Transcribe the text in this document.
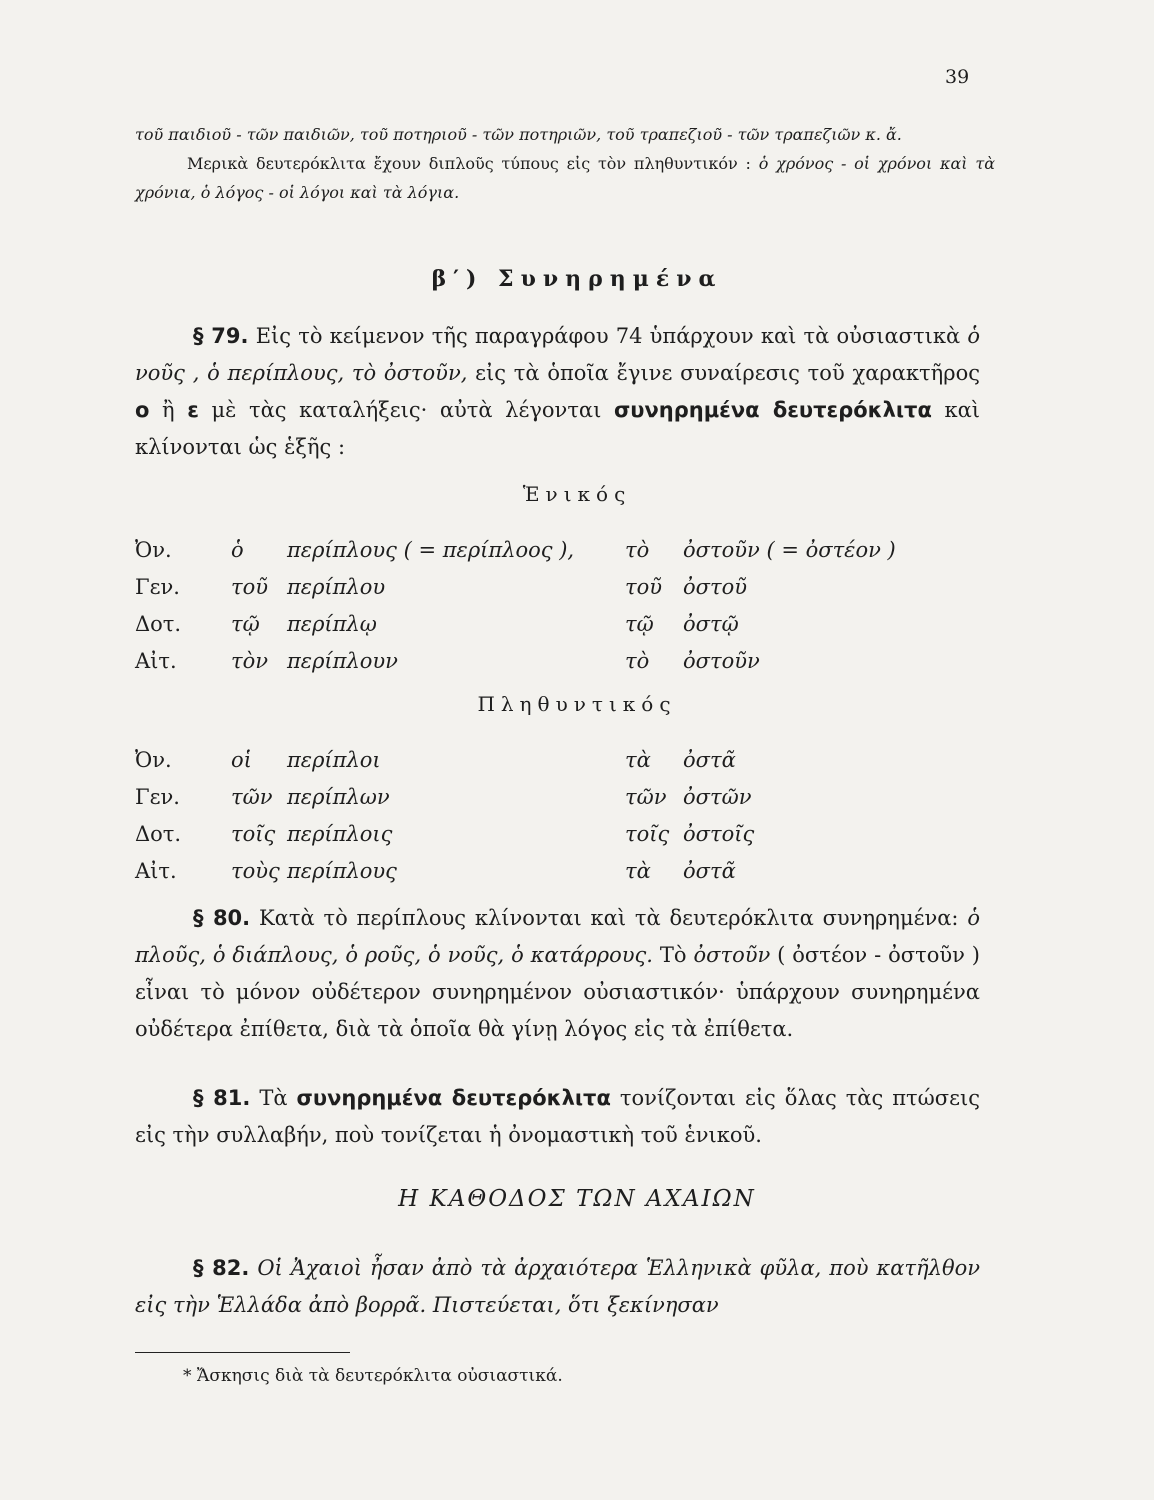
39

τοῦ παιδιοῦ - τῶν παιδιῶν, τοῦ ποτηριοῦ - τῶν ποτηριῶν, τοῦ τραπεζιοῦ - τῶν τραπεζιῶν κ. ἄ.

Μερικὰ δευτερόκλιτα ἔχουν διπλοῦς τύπους εἰς τὸν πληθυντικόν : ὁ χρόνος - οἱ χρόνοι καὶ τὰ χρόνια, ὁ λόγος - οἱ λόγοι καὶ τὰ λόγια.

β′) Συνηρημένα

§ 79. Εἰς τὸ κείμενον τῆς παραγράφου 74 ὑπάρχουν καὶ τὰ οὐσιαστικὰ ὁ νοῦς , ὁ περίπλους, τὸ ὀστοῦν, εἰς τὰ ὁποῖα ἔγινε συναίρεσις τοῦ χαρακτῆρος ο ἢ ε μὲ τὰς καταλήξεις· αὐτὰ λέγονται συνηρημένα δευτερόκλιτα καὶ κλίνονται ὡς ἑξῆς :

Ἑνικός
Ὀν.	ὁ περίπλους ( = περίπλοος ), τὸ ὀστοῦν ( = ὀστέον )
Γεν. τοῦ περίπλου	τοῦ ὀστοῦ
Δοτ. τῷ περίπλῳ	τῷ ὀστῷ
Αἰτ.	τὸν περίπλουν	τὸ ὀστοῦν
Πληθυντικός
Ὀν.	οἱ περίπλοι	τὰ ὀστᾶ
Γεν. τῶν περίπλων	τῶν ὀστῶν
Δοτ. τοῖς περίπλοις	τοῖς ὀστοῖς
Αἰτ.	τοὺς περίπλους	τὰ ὀστᾶ

§ 80. Κατὰ τὸ περίπλους κλίνονται καὶ τὰ δευτερόκλιτα συνηρημένα: ὁ πλοῦς, ὁ διάπλους, ὁ ροῦς, ὁ νοῦς, ὁ κατάρρους. Τὸ ὀστοῦν ( ὀστέον - ὀστοῦν ) εἶναι τὸ μόνον οὐδέτερον συνηρημένον οὐσιαστικόν· ὑπάρχουν συνηρημένα οὐδέτερα ἐπίθετα, διὰ τὰ ὁποῖα θὰ γίνῃ λόγος εἰς τὰ ἐπίθετα.

§ 81. Τὰ συνηρημένα δευτερόκλιτα τονίζονται εἰς ὅλας τὰς πτώσεις εἰς τὴν συλλαβήν, ποὺ τονίζεται ἡ ὀνομαστικὴ τοῦ ἑνικοῦ.

Η ΚΑΘΟΔΟΣ ΤΩΝ ΑΧΑΙΩΝ

§ 82. Οἱ Ἀχαιοὶ ἦσαν ἀπὸ τὰ ἀρχαιότερα Ἑλληνικὰ φῦλα, ποὺ κατῆλθον εἰς τὴν Ἑλλάδα ἀπὸ βορρᾶ. Πιστεύεται, ὅτι ξεκίνησαν

* Ἄσκησις διὰ τὰ δευτερόκλιτα οὐσιαστικά.
